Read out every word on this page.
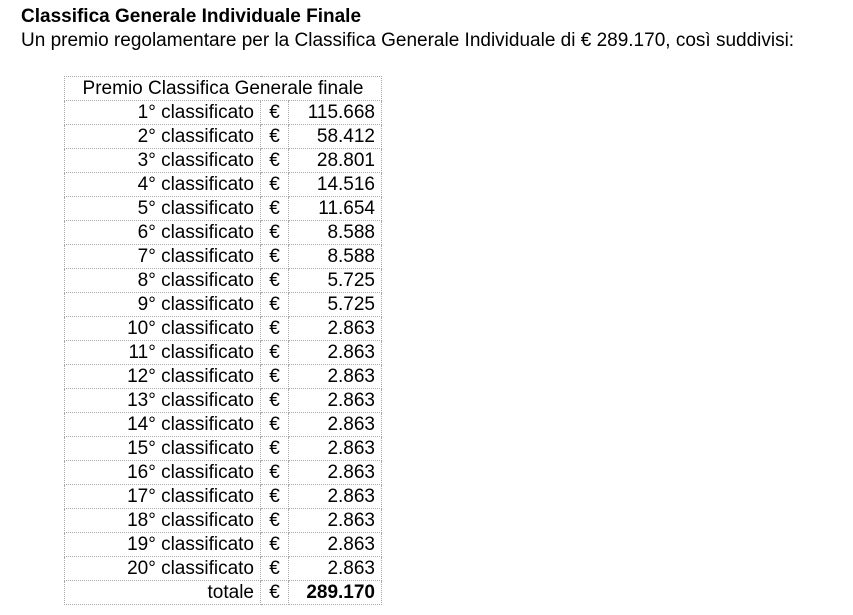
Classifica Generale Individuale Finale
Un premio regolamentare per la Classifica Generale Individuale di € 289.170, così suddivisi:
Premio Classifica Generale finale		
1° classificato	€	115.668
2° classificato	€	58.412
3° classificato	€	28.801
4° classificato	€	14.516
5° classificato	€	11.654
6° classificato	€	8.588
7° classificato	€	8.588
8° classificato	€	5.725
9° classificato	€	5.725
10° classificato	€	2.863
11° classificato	€	2.863
12° classificato	€	2.863
13° classificato	€	2.863
14° classificato	€	2.863
15° classificato	€	2.863
16° classificato	€	2.863
17° classificato	€	2.863
18° classificato	€	2.863
19° classificato	€	2.863
20° classificato	€	2.863
totale	€	289.170
